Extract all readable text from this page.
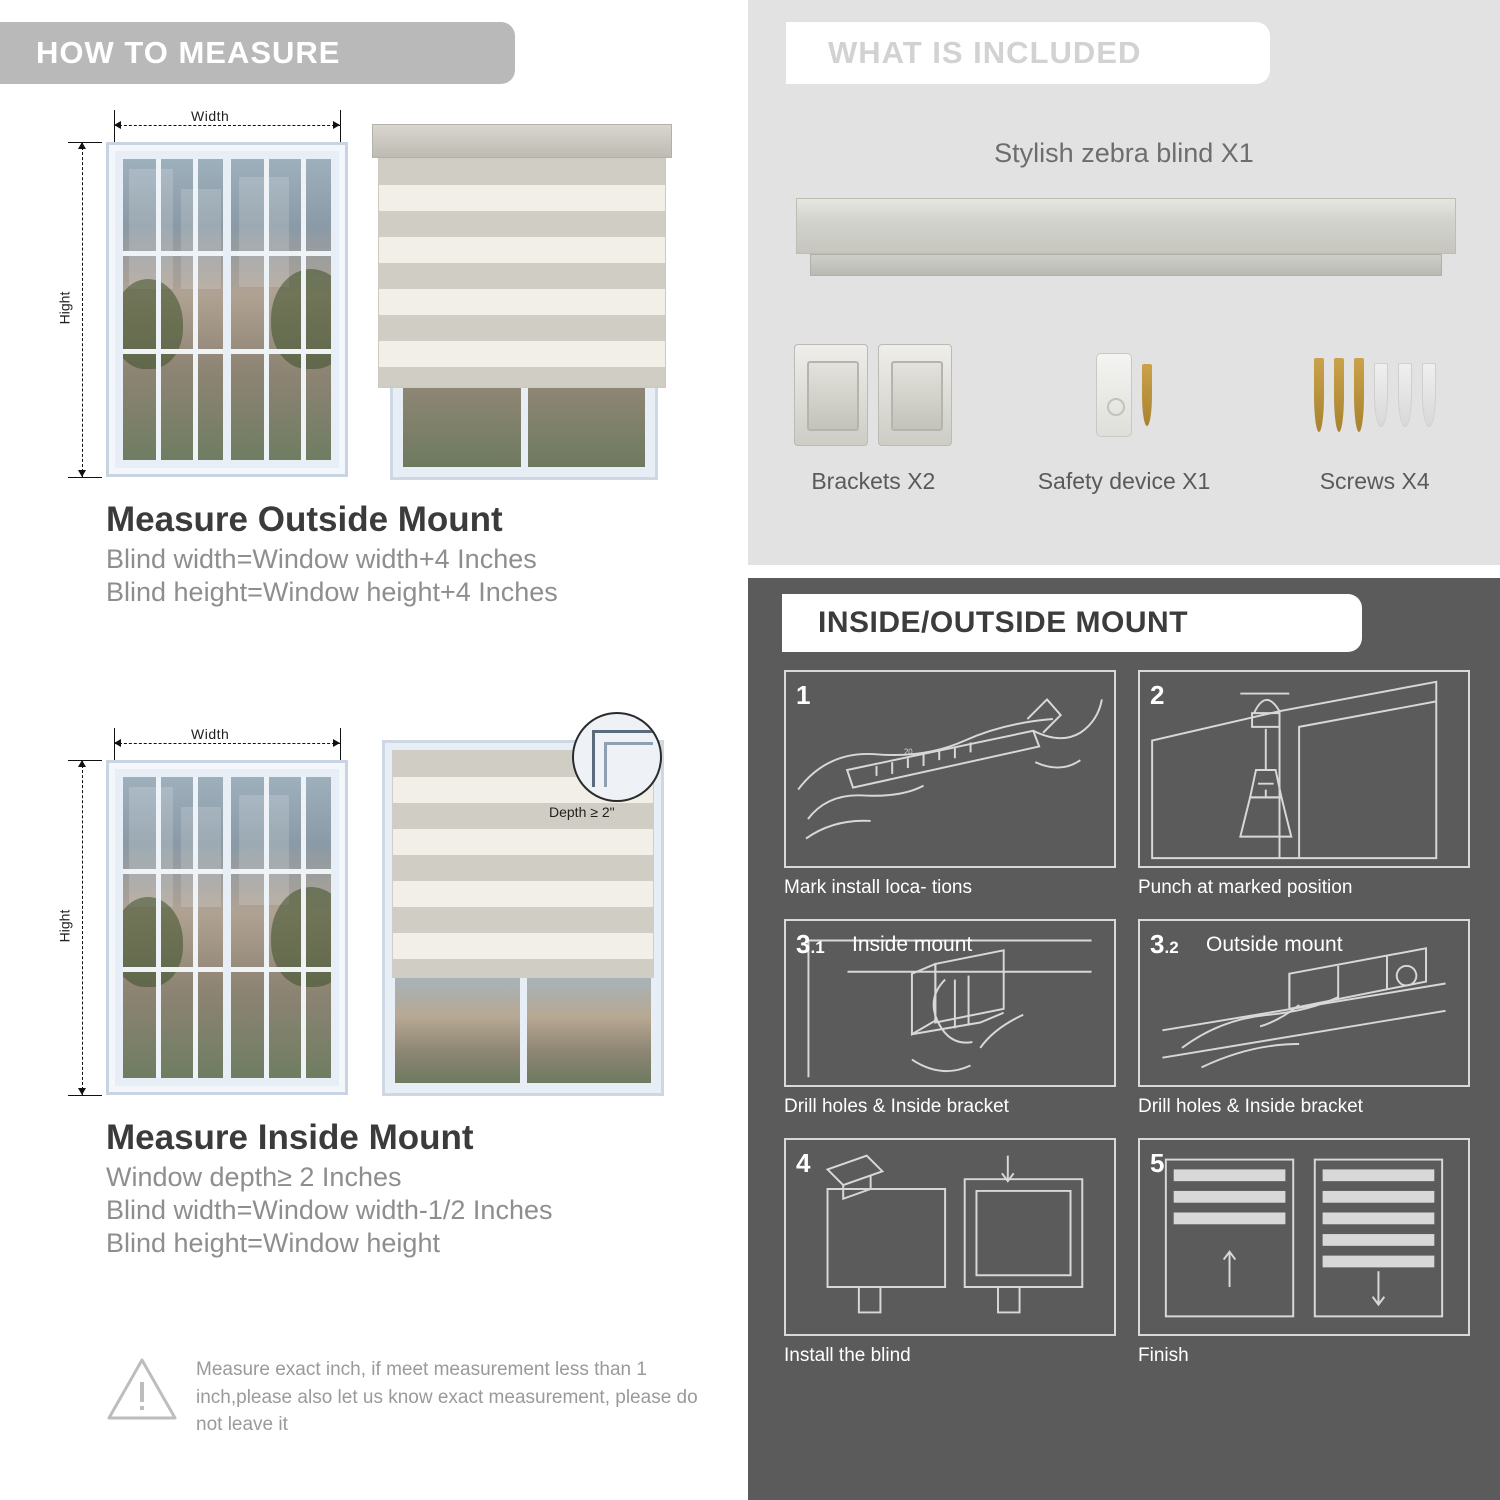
HOW TO MEASURE
Width
Hight
Measure Outside Mount
Blind width=Window width+4 Inches
Blind height=Window height+4 Inches
Width
Hight
Depth ≥ 2"
Measure Inside Mount
Window depth≥ 2 Inches
Blind width=Window width-1/2 Inches
Blind height=Window height
Measure exact inch, if meet measurement less than 1 inch,please also let us know exact measurement, please do not leave it
WHAT IS INCLUDED
Stylish zebra blind X1
Brackets X2	Safety device X1	Screws X4
INSIDE/OUTSIDE MOUNT
20
1
Mark install loca- tions
2
Punch at marked position
3.1 Inside mount
Drill holes & Inside bracket
3.2 Outside mount
Drill holes & Inside bracket
4
Install the blind
5
Finish
